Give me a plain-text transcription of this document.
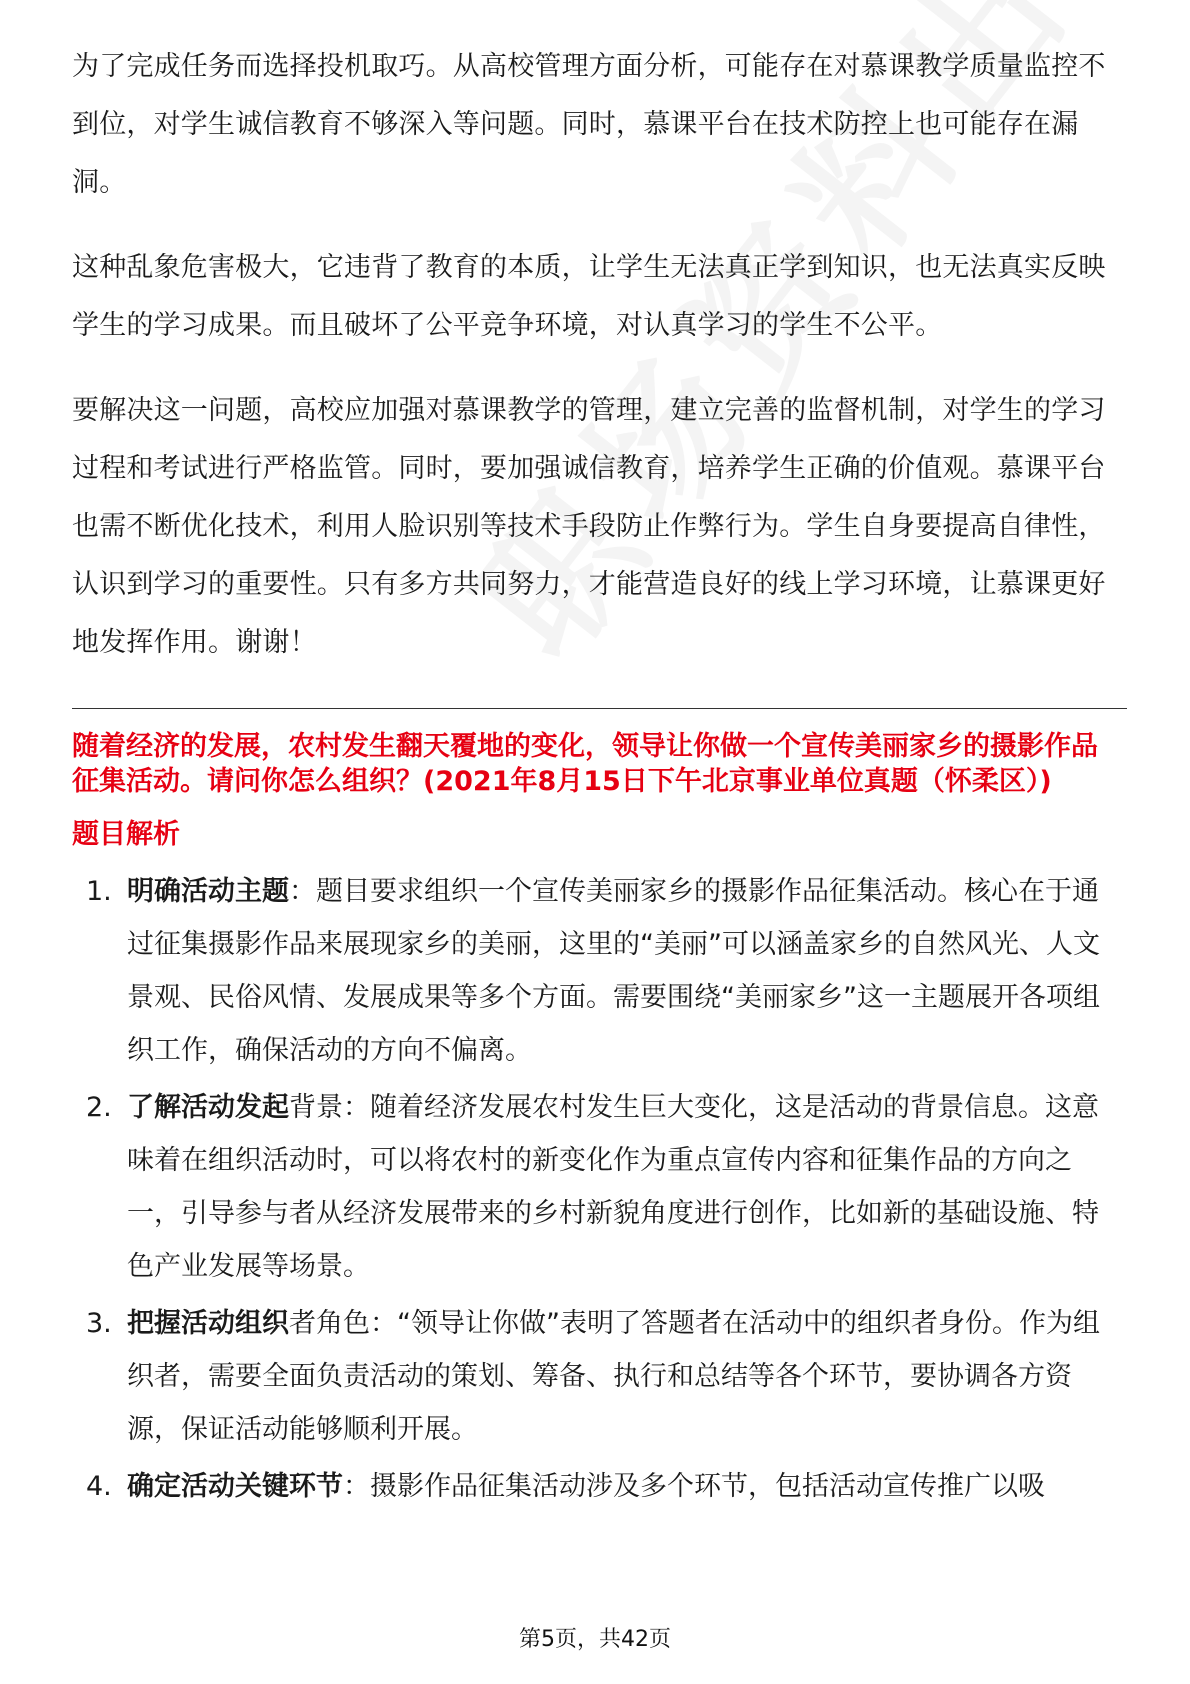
为了完成任务而选择投机取巧。从高校管理方面分析，可能存在对慕课教学质量监控不到位，对学生诚信教育不够深入等问题。同时，慕课平台在技术防控上也可能存在漏洞。

这种乱象危害极大，它违背了教育的本质，让学生无法真正学到知识，也无法真实反映学生的学习成果。而且破坏了公平竞争环境，对认真学习的学生不公平。

要解决这一问题，高校应加强对慕课教学的管理，建立完善的监督机制，对学生的学习过程和考试进行严格监管。同时，要加强诚信教育，培养学生正确的价值观。慕课平台也需不断优化技术，利用人脸识别等技术手段防止作弊行为。学生自身要提高自律性，认识到学习的重要性。只有多方共同努力，才能营造良好的线上学习环境，让慕课更好地发挥作用。谢谢！

随着经济的发展，农村发生翻天覆地的变化，领导让你做一个宣传美丽家乡的摄影作品征集活动。请问你怎么组织？(2021年8月15日下午北京事业单位真题（怀柔区）)

题目解析
1. 明确活动主题：题目要求组织一个宣传美丽家乡的摄影作品征集活动。核心在于通过征集摄影作品来展现家乡的美丽，这里的“美丽”可以涵盖家乡的自然风光、人文景观、民俗风情、发展成果等多个方面。需要围绕“美丽家乡”这一主题展开各项组织工作，确保活动的方向不偏离。
2. 了解活动发起背景：随着经济发展农村发生巨大变化，这是活动的背景信息。这意味着在组织活动时，可以将农村的新变化作为重点宣传内容和征集作品的方向之一，引导参与者从经济发展带来的乡村新貌角度进行创作，比如新的基础设施、特色产业发展等场景。
3. 把握活动组织者角色：“领导让你做”表明了答题者在活动中的组织者身份。作为组织者，需要全面负责活动的策划、筹备、执行和总结等各个环节，要协调各方资源，保证活动能够顺利开展。
4. 确定活动关键环节：摄影作品征集活动涉及多个环节，包括活动宣传推广以吸
第5页，共42页
